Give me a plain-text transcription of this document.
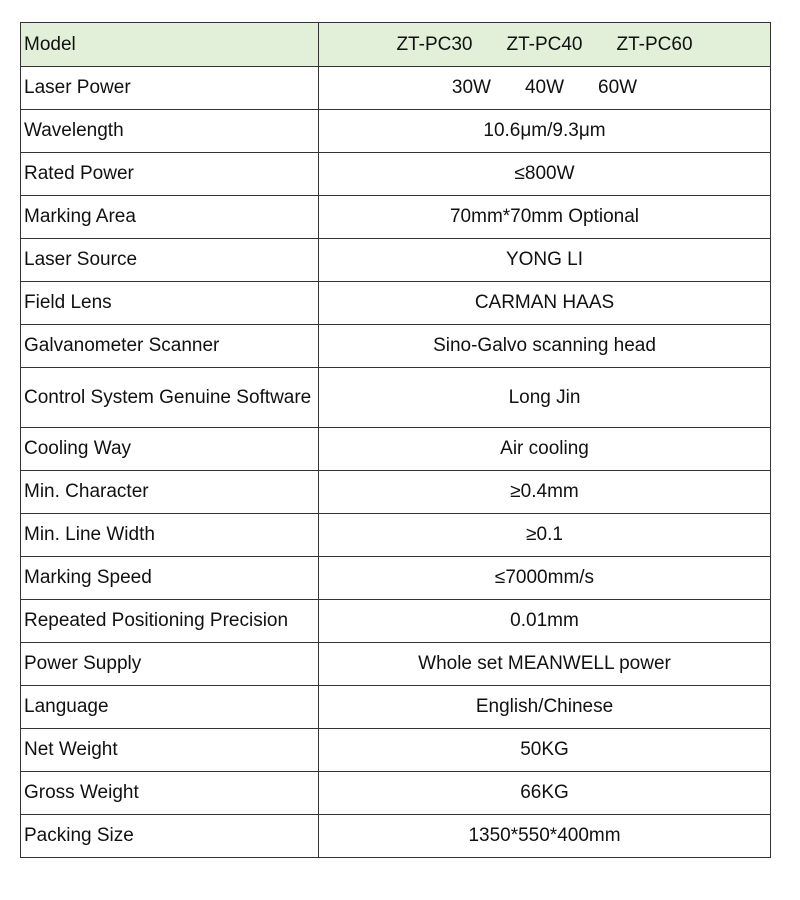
Model	ZT-PC30 ZT-PC40 ZT-PC60

Laser Power	30W 40W 60W

Wavelength	10.6μm/9.3μm
Rated Power	≤800W
Marking Area	70mm*70mm Optional
Laser Source	YONG LI
Field Lens	CARMAN HAAS
Galvanometer Scanner	Sino-Galvo scanning head
Control System Genuine Software	Long Jin
Cooling Way	Air cooling
Min. Character	≥0.4mm
Min. Line Width	≥0.1
Marking Speed	≤7000mm/s
Repeated Positioning Precision	0.01mm
Power Supply	Whole set MEANWELL power
Language	English/Chinese
Net Weight	50KG
Gross Weight	66KG
Packing Size	1350*550*400mm
